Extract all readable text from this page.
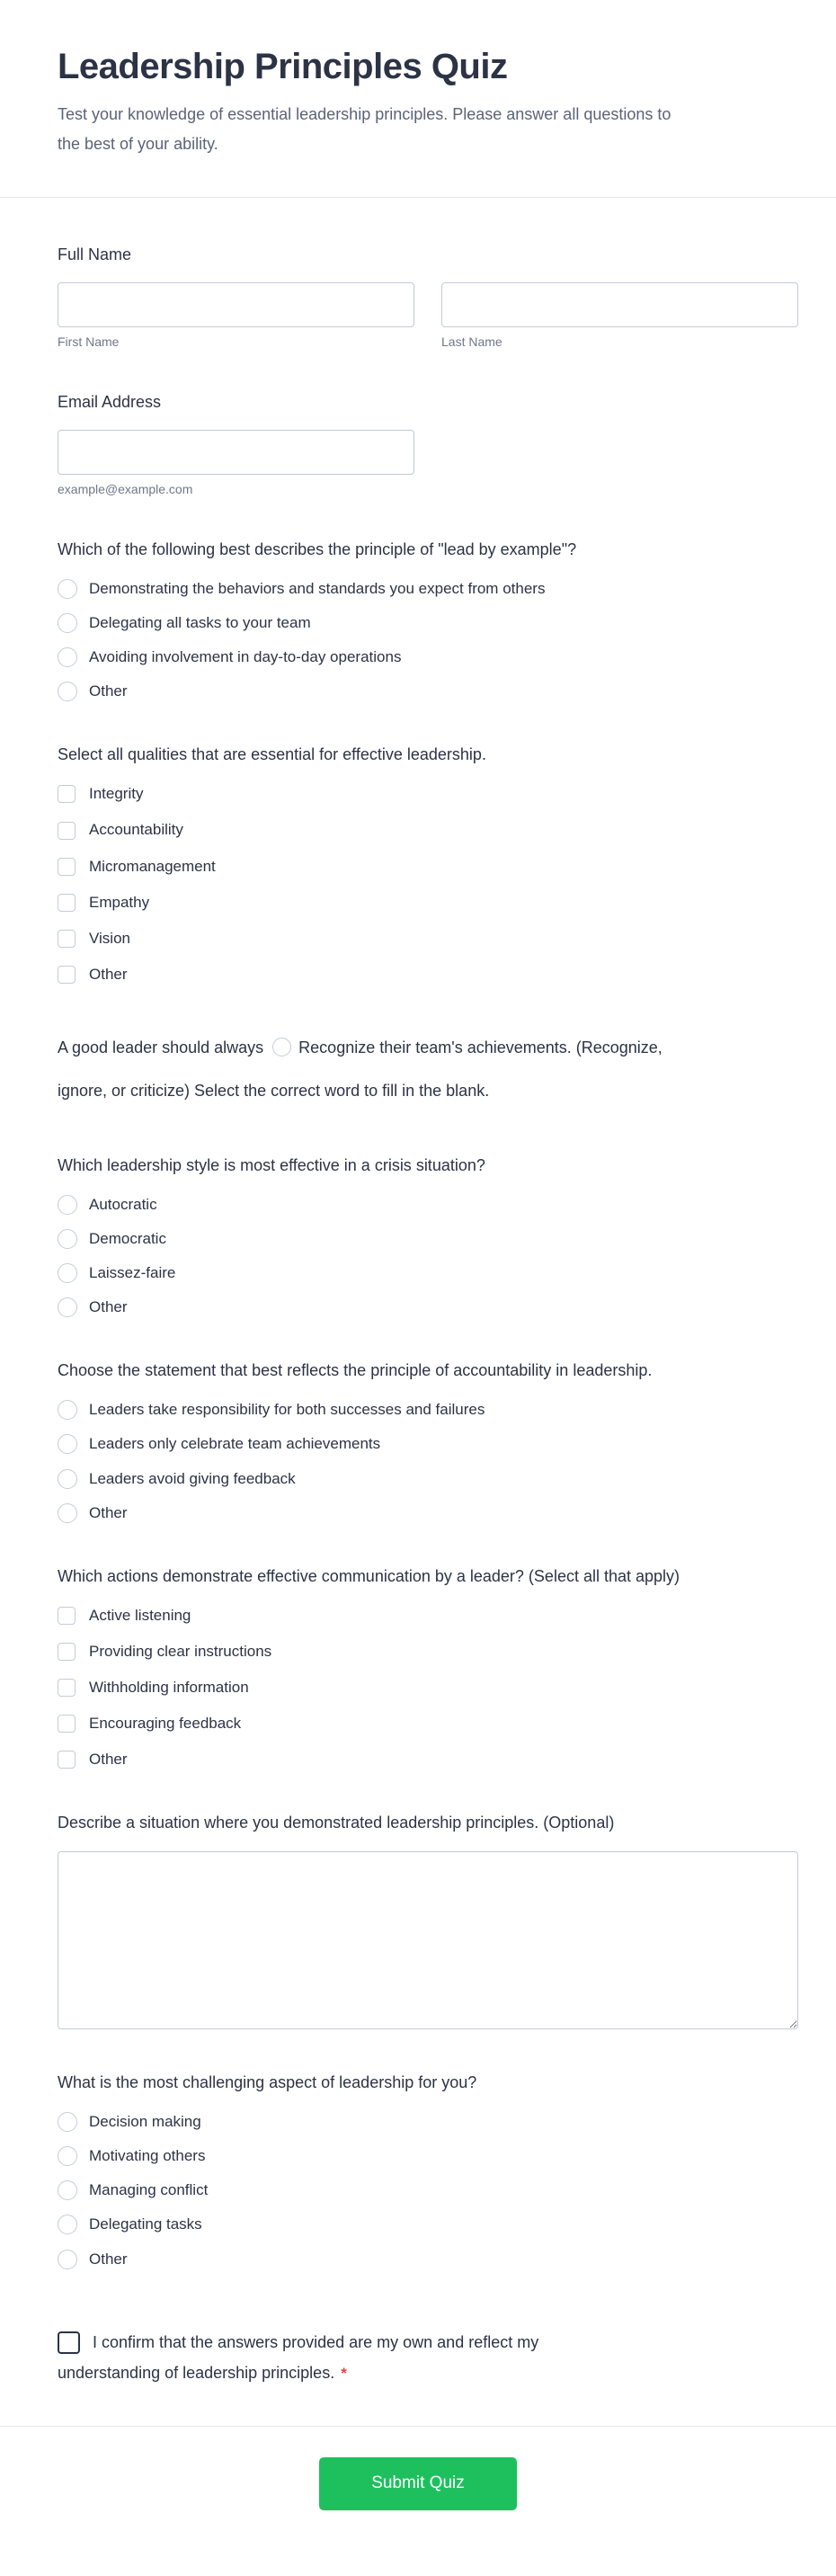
Leadership Principles Quiz

Test your knowledge of essential leadership principles. Please answer all questions to the best of your ability.

Full Name
First Name	Last Name
Email Address
example@example.com
Which of the following best describes the principle of "lead by example"?
Demonstrating the behaviors and standards you expect from others
Delegating all tasks to your team
Avoiding involvement in day-to-day operations
Other
Select all qualities that are essential for effective leadership.
Integrity
Accountability
Micromanagement
Empathy
Vision
Other

A good leader should always Recognize their team's achievements. (Recognize, ignore, or criticize) Select the correct word to fill in the blank.

Which leadership style is most effective in a crisis situation?
Autocratic
Democratic
Laissez-faire
Other
Choose the statement that best reflects the principle of accountability in leadership.
Leaders take responsibility for both successes and failures
Leaders only celebrate team achievements
Leaders avoid giving feedback
Other
Which actions demonstrate effective communication by a leader? (Select all that apply)
Active listening
Providing clear instructions
Withholding information
Encouraging feedback
Other
Describe a situation where you demonstrated leadership principles. (Optional)
What is the most challenging aspect of leadership for you?
Decision making
Motivating others
Managing conflict
Delegating tasks
Other
I confirm that the answers provided are my own and reflect my understanding of leadership principles. *
Submit Quiz
